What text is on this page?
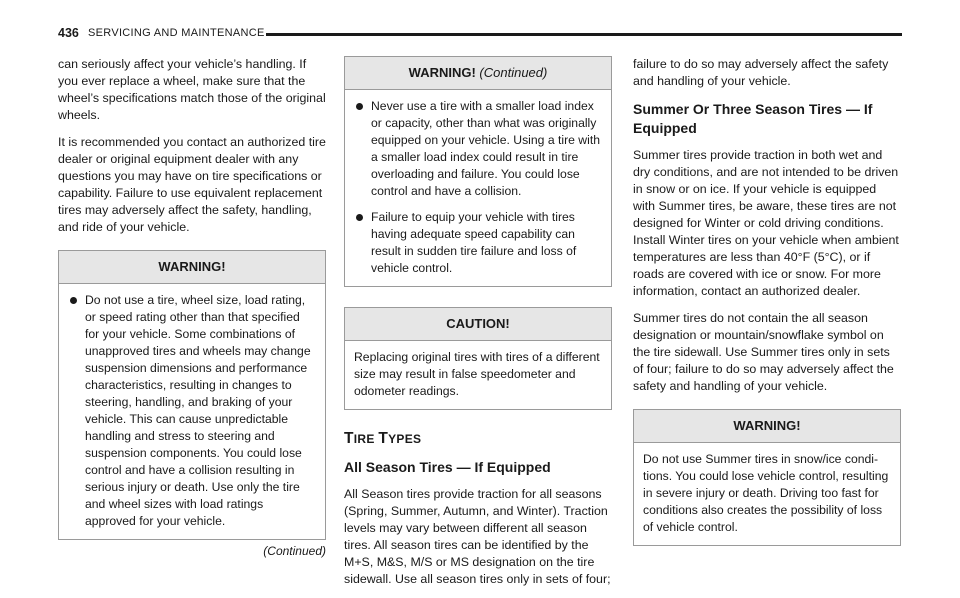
436 SERVICING AND MAINTENANCE

can seriously affect your vehicle’s handling. If you ever replace a wheel, make sure that the wheel’s specifications match those of the original wheels.

It is recommended you contact an authorized tire dealer or original equipment dealer with any questions you may have on tire specifications or capability. Failure to use equivalent replacement tires may adversely affect the safety, handling, and ride of your vehicle.

WARNING!
Do not use a tire, wheel size, load rating, or speed rating other than that specified for your vehicle. Some combinations of unapproved tires and wheels may change suspension dimensions and performance characteristics, resulting in changes to steering, handling, and braking of your vehicle. This can cause unpredictable handling and stress to steering and suspension components. You could lose control and have a collision resulting in serious injury or death. Use only the tire and wheel sizes with load ratings approved for your vehicle.
(Continued)
WARNING! (Continued)
Never use a tire with a smaller load index or capacity, other than what was originally equipped on your vehicle. Using a tire with a smaller load index could result in tire overloading and failure. You could lose control and have a collision.
Failure to equip your vehicle with tires having adequate speed capability can result in sudden tire failure and loss of vehicle control.
CAUTION!

Replacing original tires with tires of a different size may result in false speedometer and odometer readings.

TIRE TYPES
All Season Tires — If Equipped

All Season tires provide traction for all seasons (Spring, Summer, Autumn, and Winter). Traction levels may vary between different all season tires. All season tires can be identified by the M+S, M&S, M/S or MS designation on the tire sidewall. Use all season tires only in sets of four;

failure to do so may adversely affect the safety and handling of your vehicle.

Summer Or Three Season Tires — If Equipped

Summer tires provide traction in both wet and dry conditions, and are not intended to be driven in snow or on ice. If your vehicle is equipped with Summer tires, be aware, these tires are not designed for Winter or cold driving conditions. Install Winter tires on your vehicle when ambient temperatures are less than 40°F (5°C), or if roads are covered with ice or snow. For more information, contact an authorized dealer.

Summer tires do not contain the all season designation or mountain/snowflake symbol on the tire sidewall. Use Summer tires only in sets of four; failure to do so may adversely affect the safety and handling of your vehicle.

WARNING!

Do not use Summer tires in snow/ice conditions. You could lose vehicle control, resulting in severe injury or death. Driving too fast for conditions also creates the possibility of loss of vehicle control.
